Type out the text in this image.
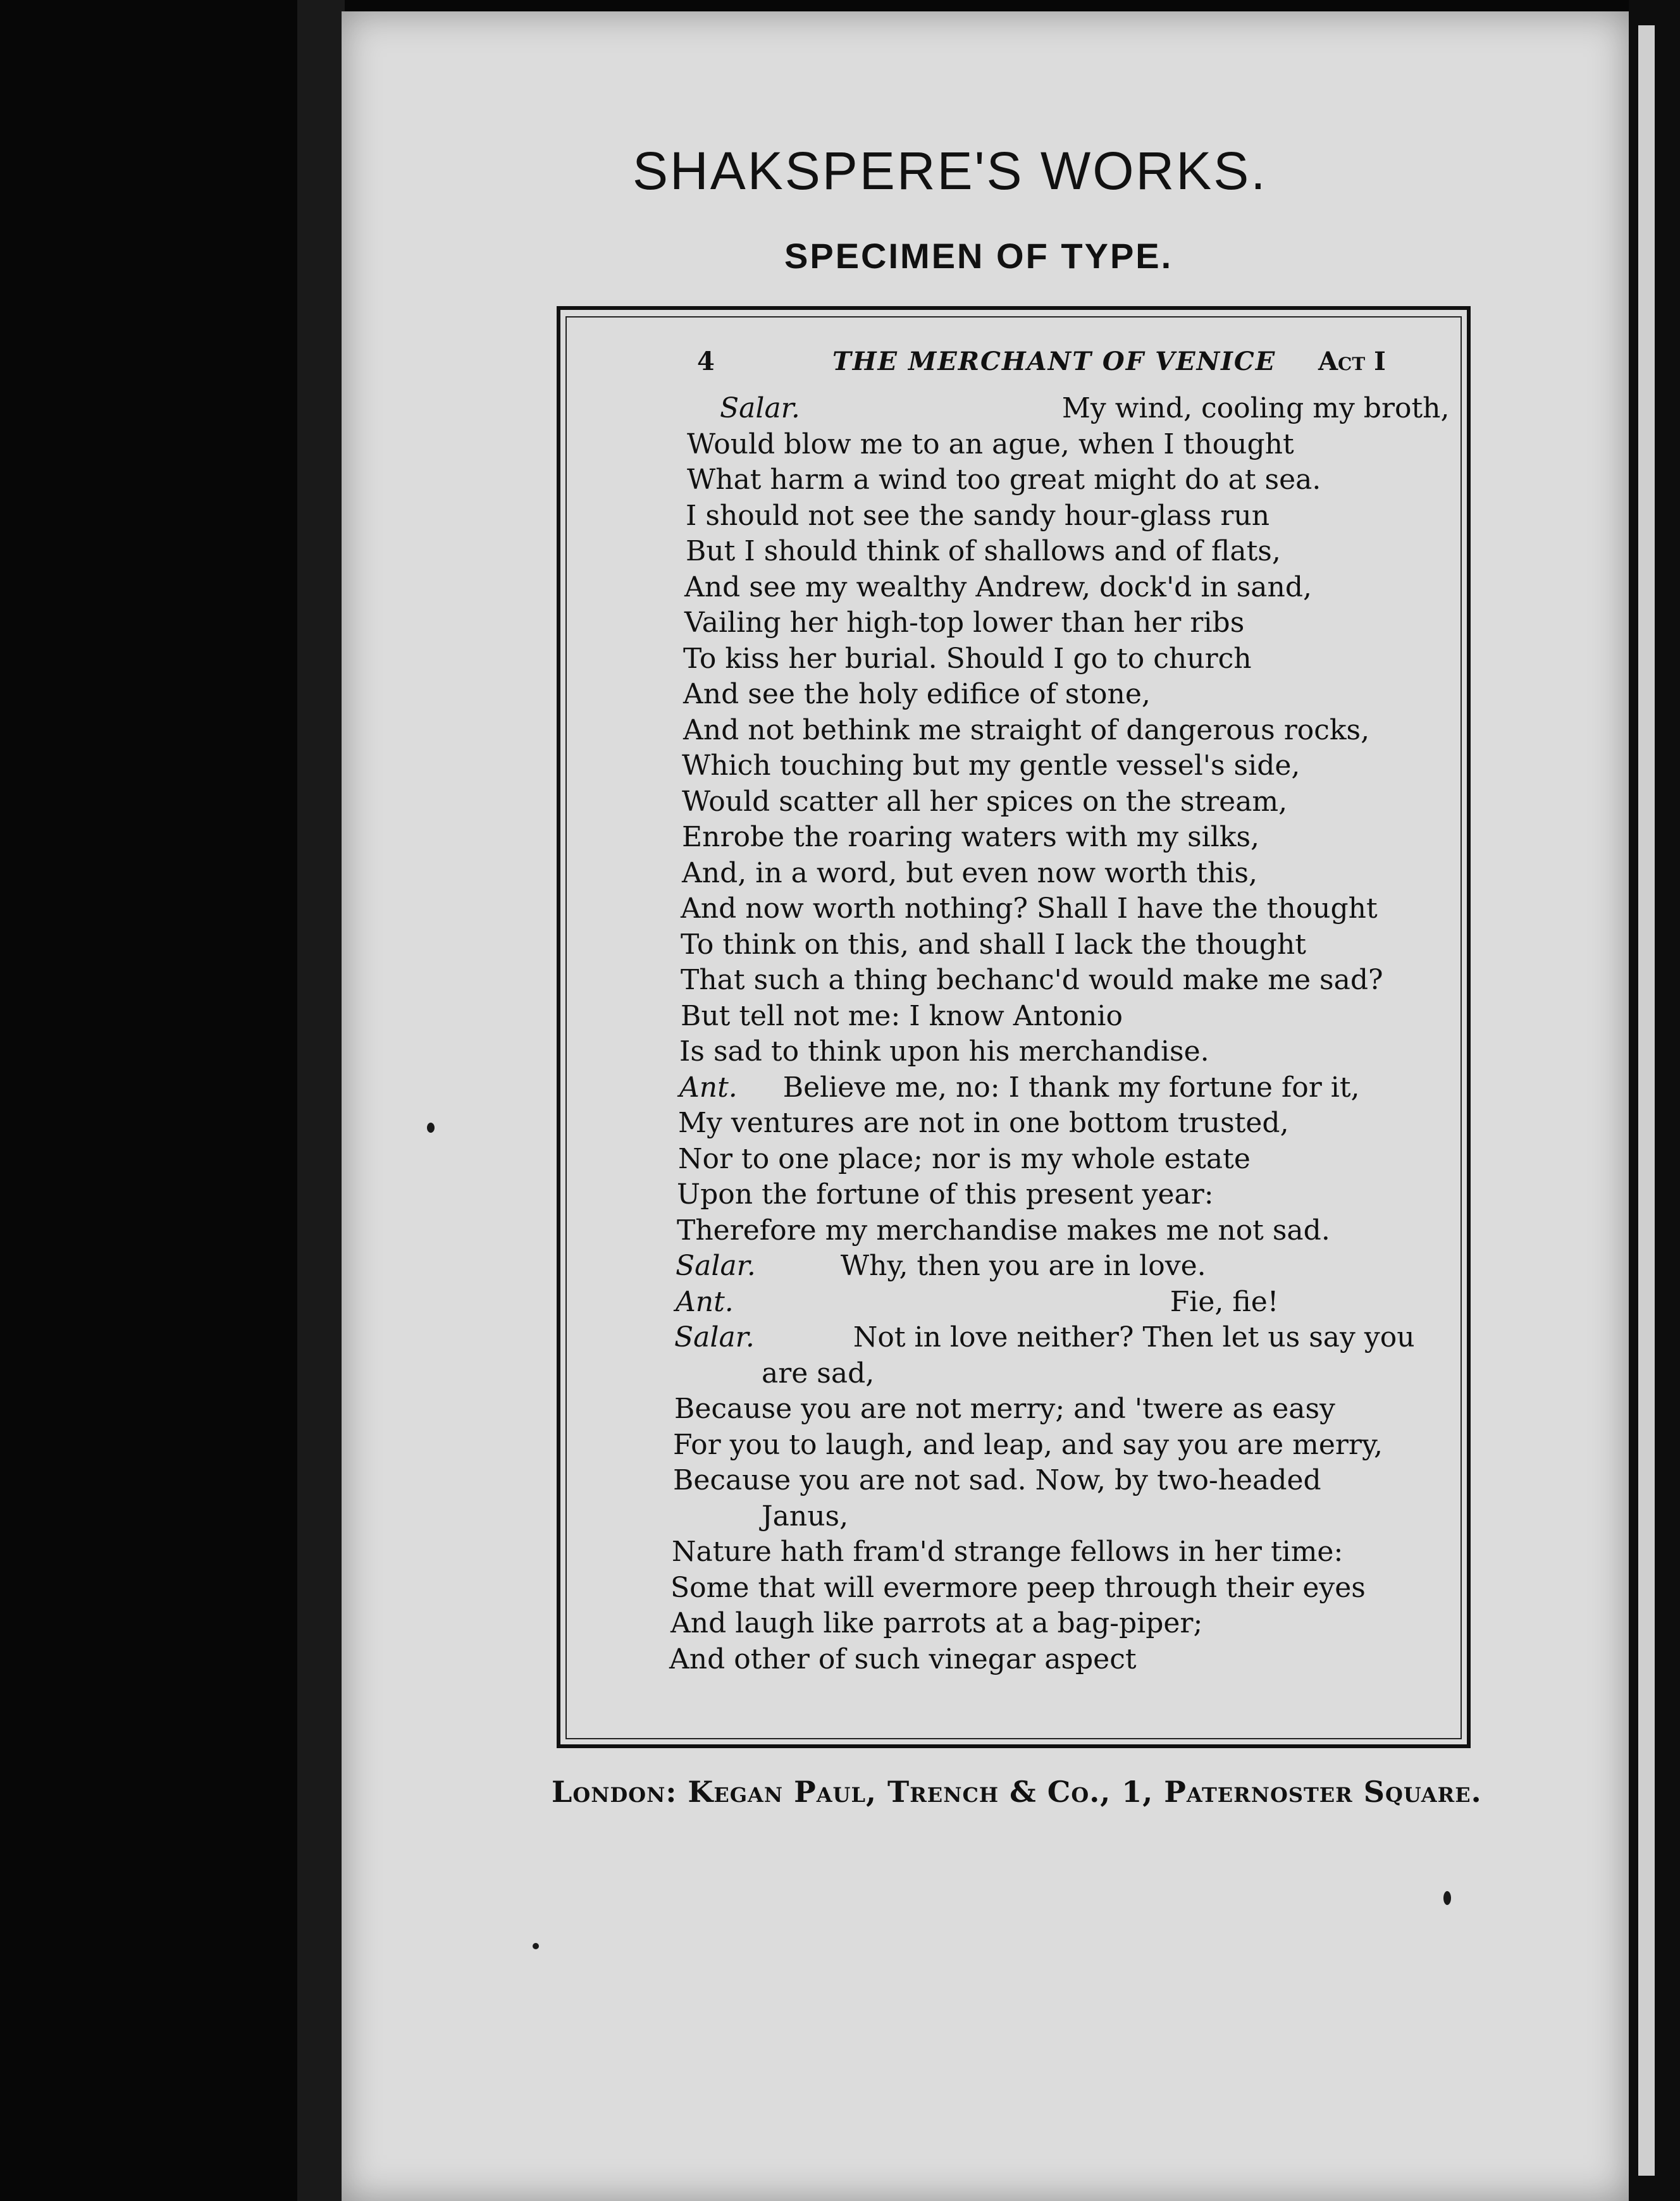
SHAKSPERE'S WORKS.
SPECIMEN OF TYPE.
4	THE MERCHANT OF VENICE Act I
Salar.	My wind, cooling my broth,
Would blow me to an ague, when I thought
What harm a wind too great might do at sea.
I should not see the sandy hour-glass run
But I should think of shallows and of flats,
And see my wealthy Andrew, dock'd in sand,
Vailing her high-top lower than her ribs
To kiss her burial. Should I go to church
And see the holy edifice of stone,
And not bethink me straight of dangerous rocks,
Which touching but my gentle vessel's side,
Would scatter all her spices on the stream,
Enrobe the roaring waters with my silks,
And, in a word, but even now worth this,
And now worth nothing? Shall I have the thought
To think on this, and shall I lack the thought
That such a thing bechanc'd would make me sad?
But tell not me: I know Antonio
Is sad to think upon his merchandise.
Ant. Believe me, no: I thank my fortune for it,
My ventures are not in one bottom trusted,
Nor to one place; nor is my whole estate
Upon the fortune of this present year:
Therefore my merchandise makes me not sad.
Salar.	Why, then you are in love.
Ant.	Fie, fie!
Salar.	Not in love neither? Then let us say you
are sad,
Because you are not merry; and 'twere as easy
For you to laugh, and leap, and say you are merry,
Because you are not sad. Now, by two-headed
Janus,
Nature hath fram'd strange fellows in her time:
Some that will evermore peep through their eyes
And laugh like parrots at a bag-piper;
And other of such vinegar aspect
London: Kegan Paul, Trench & Co., 1, Paternoster Square.
